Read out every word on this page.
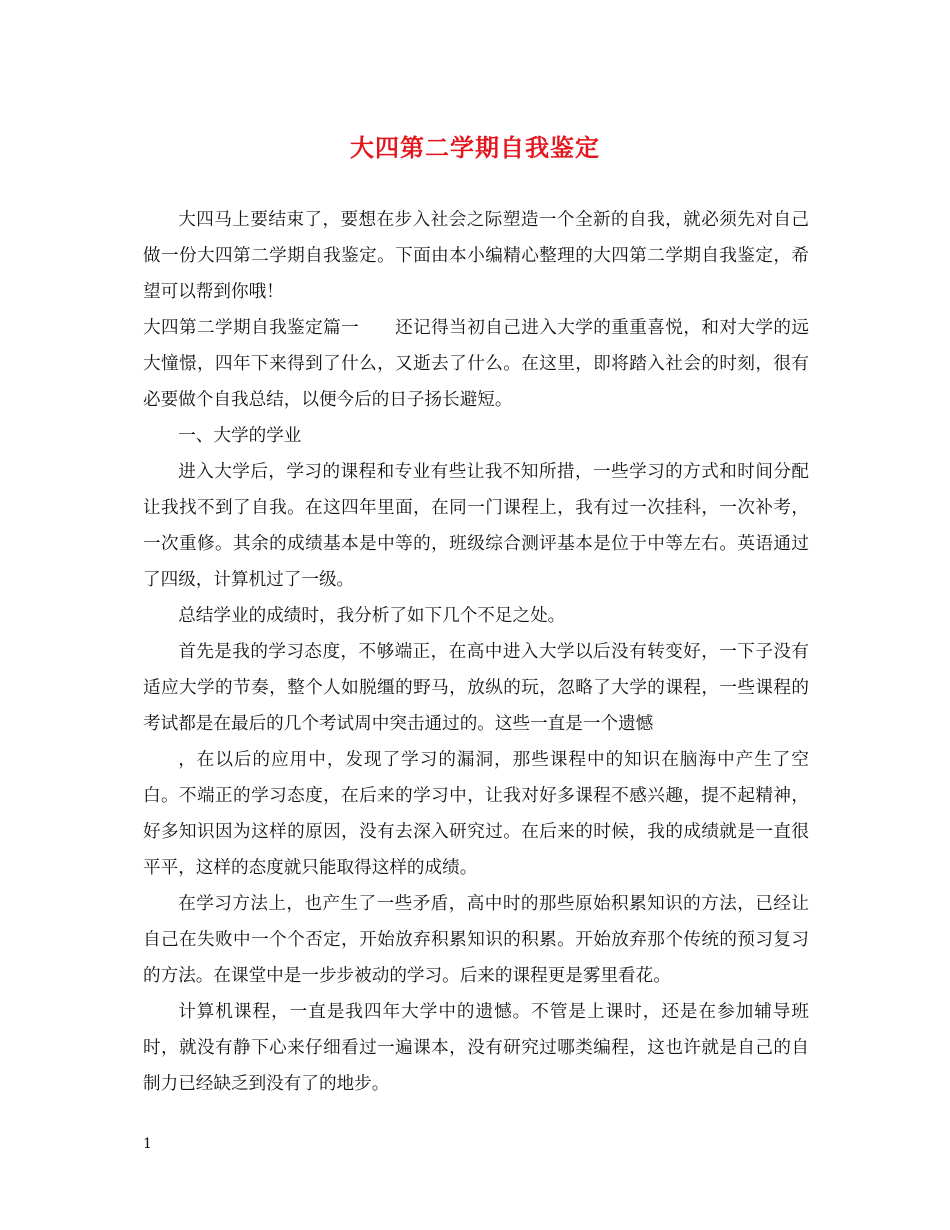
大四第二学期自我鉴定

大四马上要结束了，要想在步入社会之际塑造一个全新的自我，就必须先对自己做一份大四第二学期自我鉴定。下面由本小编精心整理的大四第二学期自我鉴定，希望可以帮到你哦！

大四第二学期自我鉴定篇一　　还记得当初自己进入大学的重重喜悦，和对大学的远大憧憬，四年下来得到了什么，又逝去了什么。在这里，即将踏入社会的时刻，很有必要做个自我总结，以便今后的日子扬长避短。

一、大学的学业

进入大学后，学习的课程和专业有些让我不知所措，一些学习的方式和时间分配让我找不到了自我。在这四年里面，在同一门课程上，我有过一次挂科，一次补考，一次重修。其余的成绩基本是中等的，班级综合测评基本是位于中等左右。英语通过了四级，计算机过了一级。

总结学业的成绩时，我分析了如下几个不足之处。

首先是我的学习态度，不够端正，在高中进入大学以后没有转变好，一下子没有适应大学的节奏，整个人如脱缰的野马，放纵的玩，忽略了大学的课程，一些课程的考试都是在最后的几个考试周中突击通过的。这些一直是一个遗憾

，在以后的应用中，发现了学习的漏洞，那些课程中的知识在脑海中产生了空白。不端正的学习态度，在后来的学习中，让我对好多课程不感兴趣，提不起精神，好多知识因为这样的原因，没有去深入研究过。在后来的时候，我的成绩就是一直很平平，这样的态度就只能取得这样的成绩。

在学习方法上，也产生了一些矛盾，高中时的那些原始积累知识的方法，已经让自己在失败中一个个否定，开始放弃积累知识的积累。开始放弃那个传统的预习复习的方法。在课堂中是一步步被动的学习。后来的课程更是雾里看花。

计算机课程，一直是我四年大学中的遗憾。不管是上课时，还是在参加辅导班时，就没有静下心来仔细看过一遍课本，没有研究过哪类编程，这也许就是自己的自制力已经缺乏到没有了的地步。

1
